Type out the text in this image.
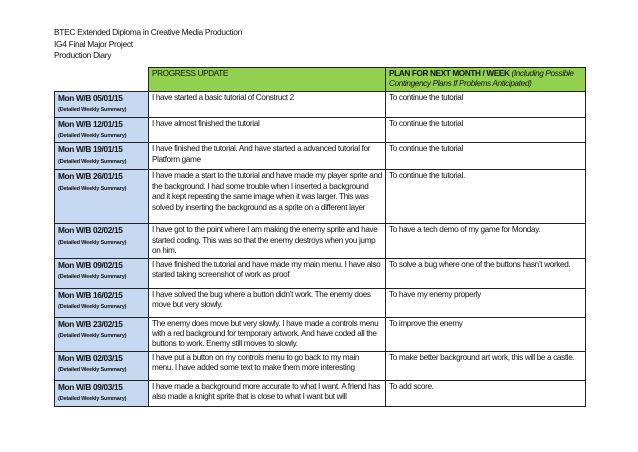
BTEC Extended Diploma in Creative Media Production
IG4 Final Major Project
Production Diary
	PROGRESS UPDATE	PLAN FOR NEXT MONTH / WEEK (Including Possible Contingency Plans If Problems Anticipated)

Mon W/B 05/01/15
(Detailed Weekly Summary)	I have started a basic tutorial of Construct 2	To continue the tutorial

Mon W/B 12/01/15
(Detailed Weekly Summary)	I have almost finished the tutorial	To continue the tutorial

Mon W/B 19/01/15
(Detailed Weekly Summary)	I have finished the tutorial. And have started a advanced tutorial for Platform game	To continue the tutorial

Mon W/B 26/01/15
(Detailed Weekly Summary)	I have made a start to the tutorial and have made my player sprite and the background. I had some trouble when I inserted a background and it kept repeating the same image when it was larger. This was solved by inserting the background as a sprite on a different layer	To continue the tutorial.

Mon W/B 02/02/15
(Detailed Weekly Summary)	I have got to the point where I am making the enemy sprite and have started coding. This was so that the enemy destroys when you jump on him.	To have a tech demo of my game for Monday.

Mon W/B 09/02/15
(Detailed Weekly Summary)	I have finished the tutorial and have made my main menu. I have also started taking screenshot of work as proof	To solve a bug where one of the buttons hasn’t worked.

Mon W/B 16/02/15
(Detailed Weekly Summary)	I have solved the bug where a button didn’t work. The enemy does move but very slowly.	To have my enemy properly

Mon W/B 23/02/15
(Detailed Weekly Summary)	The enemy does move but very slowly. I have made a controls menu with a red background for temporary artwork. And have coded all the buttons to work. Enemy still moves to slowly.	To improve the enemy

Mon W/B 02/03/15
(Detailed Weekly Summary)	I have put a button on my controls menu to go back to my main menu. I have added some text to make them more interesting	To make better background art work, this will be a castle.

Mon W/B 09/03/15
(Detailed Weekly Summary)	I have made a background more accurate to what I want. A friend has also made a knight sprite that is close to what I want but will	To add score.
